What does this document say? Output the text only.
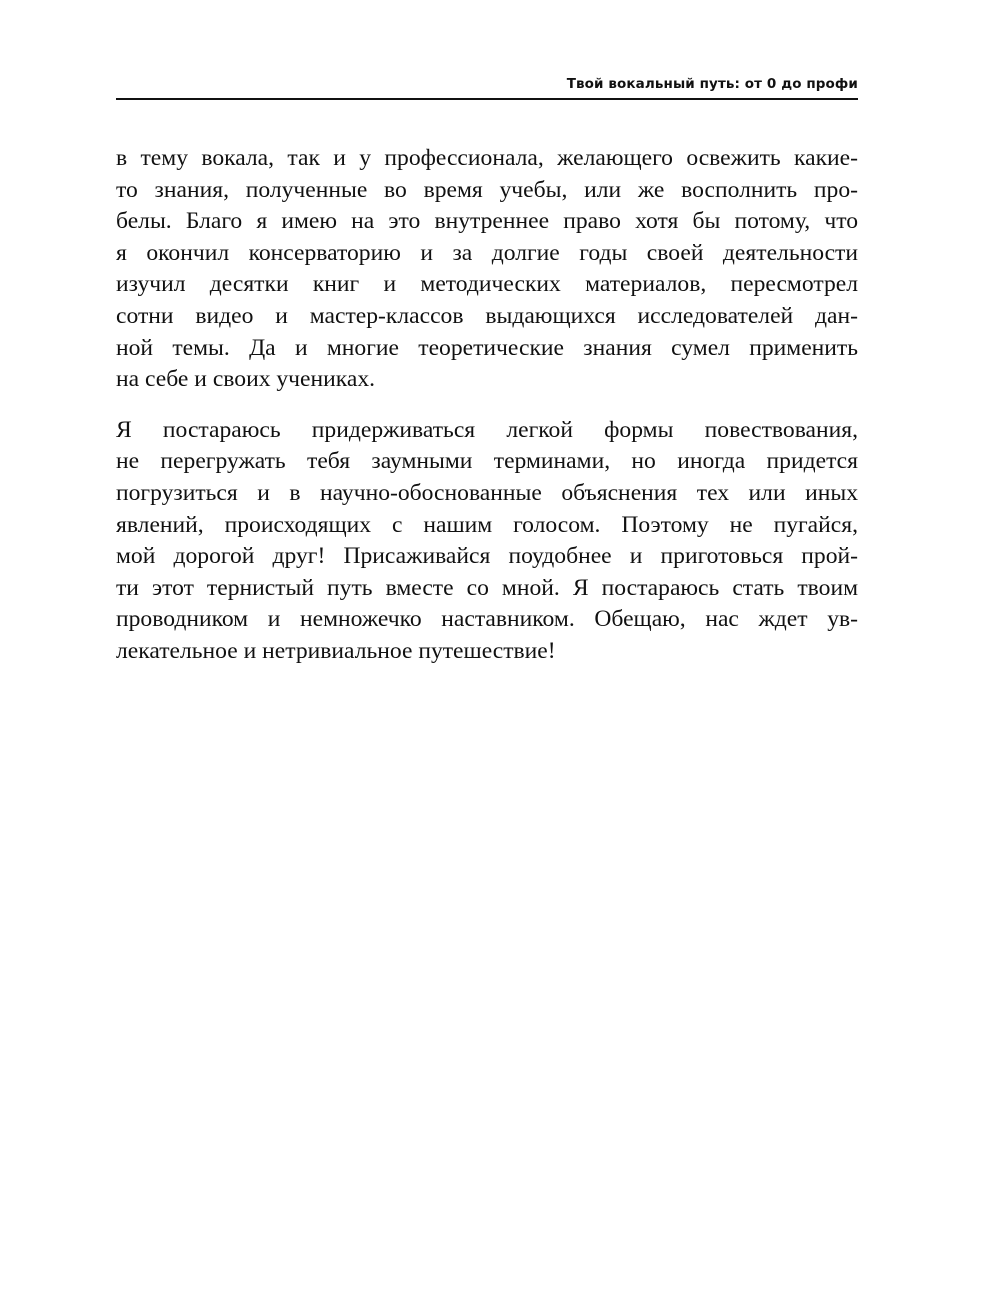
Твой вокальный путь: от 0 до профи

в тему вокала, так и у профессионала, желающего освежить какие-
то знания, полученные во время учебы, или же восполнить про-
белы. Благо я имею на это внутреннее право хотя бы потому, что
я окончил консерваторию и за долгие годы своей деятельности
изучил десятки книг и методических материалов, пересмотрел
сотни видео и мастер-классов выдающихся исследователей дан-
ной темы. Да и многие теоретические знания сумел применить
на себе и своих учениках.

Я постараюсь придерживаться легкой формы повествования,
не перегружать тебя заумными терминами, но иногда придется
погрузиться и в научно-обоснованные объяснения тех или иных
явлений, происходящих с нашим голосом. Поэтому не пугайся,
мой дорогой друг! Присаживайся поудобнее и приготовься прой-
ти этот тернистый путь вместе со мной. Я постараюсь стать твоим
проводником и немножечко наставником. Обещаю, нас ждет ув-
лекательное и нетривиальное путешествие!
